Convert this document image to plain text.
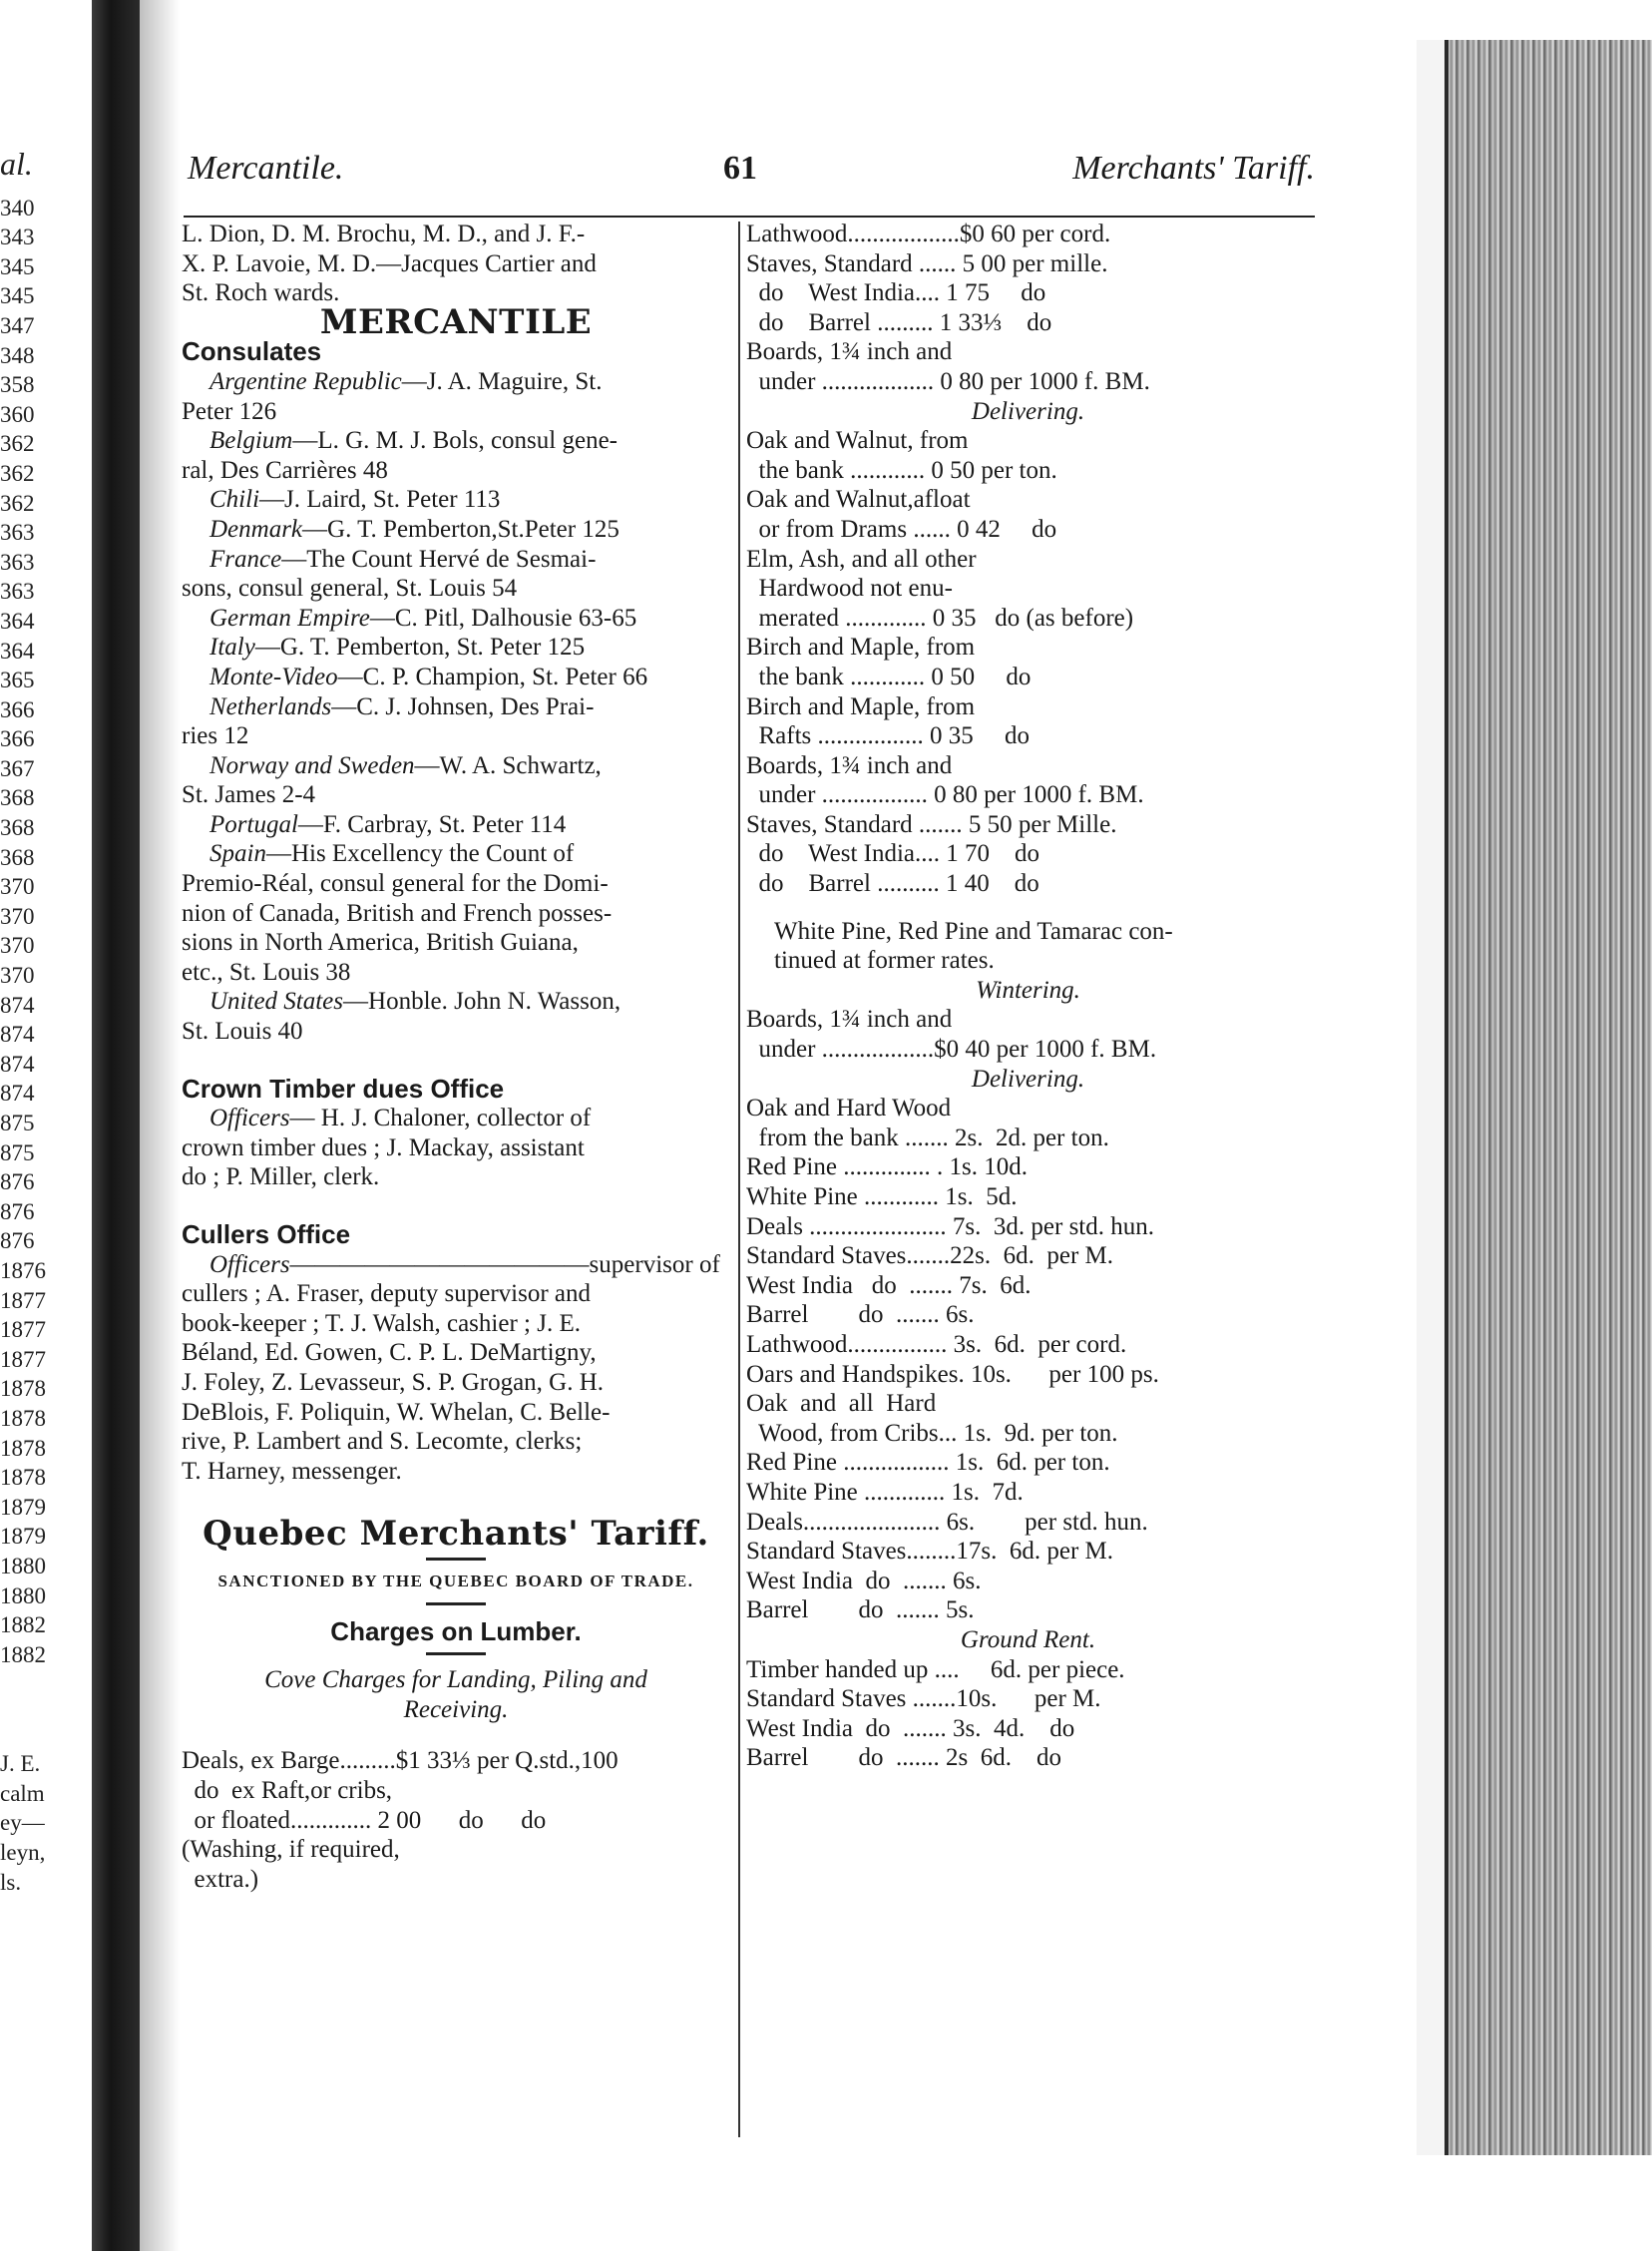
al.
340
343
345
345
347
348
358
360
362
362
362
363
363
363
364
364
365
366
366
367
368
368
368
370
370
370
370
874
874
874
874
875
875
876
876
876
1876
1877
1877
1877
1878
1878
1878
1878
1879
1879
1880
1880
1882
1882
J. E.
calm
ey—
leyn,
ls.
Mercantile.	61	Merchants' Tariff.
L. Dion, D. M. Brochu, M. D., and J. F.-
X. P. Lavoie, M. D.—Jacques Cartier and
St. Roch wards.

MERCANTILE

Consulates

Argentine Republic—J. A. Maguire, St.
Peter 126
Belgium—L. G. M. J. Bols, consul gene-
ral, Des Carrières 48
Chili—J. Laird, St. Peter 113
Denmark—G. T. Pemberton,St.Peter 125
France—The Count Hervé de Sesmai-
sons, consul general, St. Louis 54
German Empire—C. Pitl, Dalhousie 63-65
Italy—G. T. Pemberton, St. Peter 125
Monte-Video—C. P. Champion, St. Peter 66
Netherlands—C. J. Johnsen, Des Prai-
ries 12
Norway and Sweden—W. A. Schwartz,
St. James 2-4
Portugal—F. Carbray, St. Peter 114
Spain—His Excellency the Count of
Premio-Réal, consul general for the Domi-
nion of Canada, British and French posses-
sions in North America, British Guiana,
etc., St. Louis 38
United States—Honble. John N. Wasson,
St. Louis 40

Crown Timber dues Office

Officers— H. J. Chaloner, collector of
crown timber dues ; J. Mackay, assistant
do ; P. Miller, clerk.

Cullers Office

Officers————————————supervisor of
cullers ; A. Fraser, deputy supervisor and
book-keeper ; T. J. Walsh, cashier ; J. E.
Béland, Ed. Gowen, C. P. L. DeMartigny,
J. Foley, Z. Levasseur, S. P. Grogan, G. H.
DeBlois, F. Poliquin, W. Whelan, C. Belle-
rive, P. Lambert and S. Lecomte, clerks;
T. Harney, messenger.

Quebec Merchants' Tariff.

SANCTIONED BY THE QUEBEC BOARD OF TRADE.

Charges on Lumber.

Cove Charges for Landing, Piling and
Receiving.
Deals, ex Barge.........$1 33⅓ per Q.std.,100
do  ex Raft,or cribs,
or floated............. 2 00      do      do
(Washing, if required,
extra.)
Lathwood..................$0 60 per cord.
Staves, Standard ...... 5 00 per mille.
do    West India.... 1 75     do
do    Barrel ......... 1 33⅓    do
Boards, 1¾ inch and
under .................. 0 80 per 1000 f. BM.

Delivering.

Oak and Walnut, from
the bank ............ 0 50 per ton.
Oak and Walnut,afloat
or from Drams ...... 0 42     do
Elm, Ash, and all other
Hardwood not enu-
merated ............. 0 35   do (as before)
Birch and Maple, from
the bank ............ 0 50     do
Birch and Maple, from
Rafts ................. 0 35     do
Boards, 1¾ inch and
under ................. 0 80 per 1000 f. BM.
Staves, Standard ....... 5 50 per Mille.
do    West India.... 1 70    do
do    Barrel .......... 1 40    do
White Pine, Red Pine and Tamarac con-
tinued at former rates.

Wintering.

Boards, 1¾ inch and
under ..................$0 40 per 1000 f. BM.

Delivering.

Oak and Hard Wood
from the bank ....... 2s.  2d. per ton.
Red Pine .............. . 1s. 10d.
White Pine ............ 1s.  5d.
Deals ...................... 7s.  3d. per std. hun.
Standard Staves.......22s.  6d.  per M.
West India   do  ....... 7s.  6d.
Barrel        do  ....... 6s.
Lathwood................ 3s.  6d.  per cord.
Oars and Handspikes. 10s.      per 100 ps.
Oak  and  all  Hard
Wood, from Cribs... 1s.  9d. per ton.
Red Pine ................. 1s.  6d. per ton.
White Pine ............. 1s.  7d.
Deals...................... 6s.        per std. hun.
Standard Staves........17s.  6d. per M.
West India  do  ....... 6s.
Barrel        do  ....... 5s.

Ground Rent.

Timber handed up ....     6d. per piece.
Standard Staves .......10s.      per M.
West India  do  ....... 3s.  4d.    do
Barrel        do  ....... 2s  6d.    do
